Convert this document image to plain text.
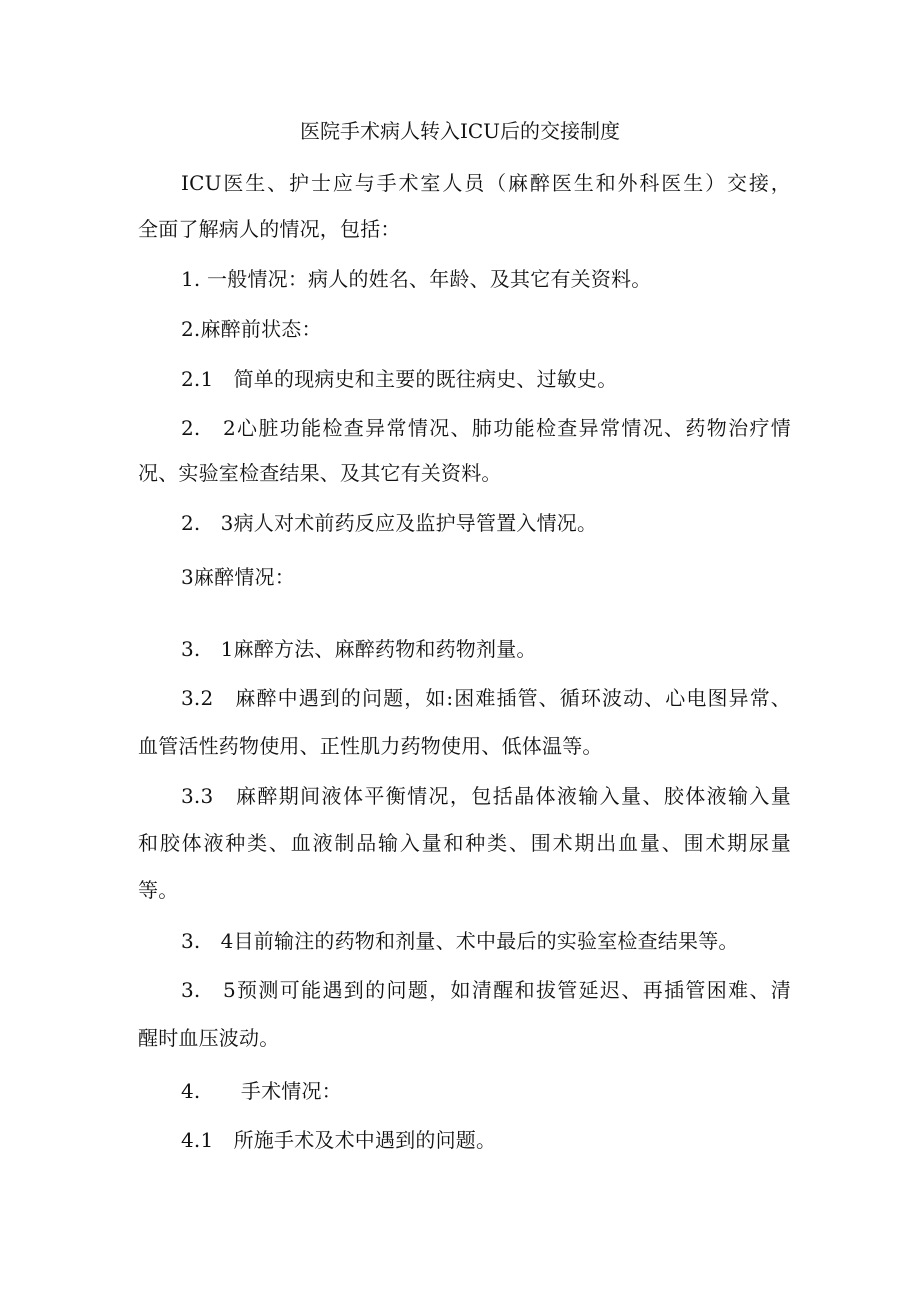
医院手术病人转入ICU后的交接制度
ICU医生、护士应与手术室人员（麻醉医生和外科医生）交接，
全面了解病人的情况，包括：
1. 一般情况：病人的姓名、年龄、及其它有关资料。
2.麻醉前状态：
2.1　简单的现病史和主要的既往病史、过敏史。
2.　2心脏功能检查异常情况、肺功能检查异常情况、药物治疗情
况、实验室检查结果、及其它有关资料。
2.　3病人对术前药反应及监护导管置入情况。
3麻醉情况：
3.　1麻醉方法、麻醉药物和药物剂量。
3.2　麻醉中遇到的问题，如:困难插管、循环波动、心电图异常、
血管活性药物使用、正性肌力药物使用、低体温等。
3.3　麻醉期间液体平衡情况，包括晶体液输入量、胶体液输入量
和胶体液种类、血液制品输入量和种类、围术期出血量、围术期尿量
等。
3.　4目前输注的药物和剂量、术中最后的实验室检查结果等。
3.　5预测可能遇到的问题，如清醒和拔管延迟、再插管困难、清
醒时血压波动。
4.　　手术情况：
4.1　所施手术及术中遇到的问题。
